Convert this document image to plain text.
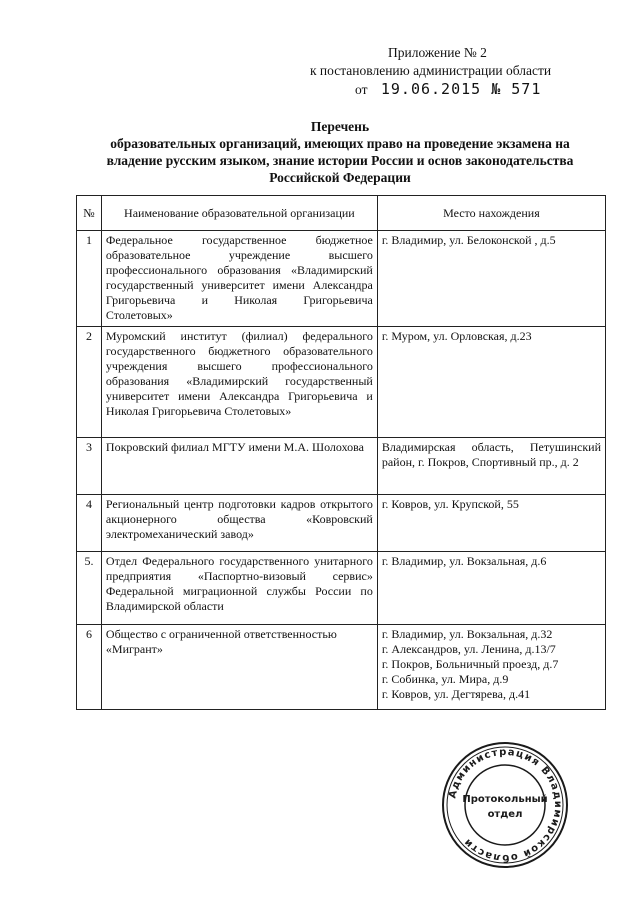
Приложение № 2
к постановлению администрации области
от 19.06.2015 № 571
Перечень
образовательных организаций, имеющих право на проведение экзамена на
владение русским языком, знание истории России и основ законодательства
Российской Федерации
№	Наименование образовательной организации	Место нахождения
1	Федеральное государственное бюджетное образовательное учреждение высшего профессионального образования «Владимирский государственный университет имени Александра Григорьевича и Николая Григорьевича Столетовых»	г. Владимир, ул. Белоконской , д.5

2	Муромский институт (филиал) федерального государственного бюджетного образовательного учреждения высшего профессионального образования «Владимирский государственный университет имени Александра Григорьевича и Николая Григорьевича Столетовых»	г. Муром, ул. Орловская, д.23

3	Покровский филиал МГТУ имени М.А. Шолохова	Владимирская область, Петушинский район, г. Покров, Спортивный пр., д. 2

4	Региональный центр подготовки кадров открытого акционерного общества «Ковровский электромеханический завод»	г. Ковров, ул. Крупской, 55

5.	Отдел Федерального государственного унитарного предприятия «Паспортно-визовый сервис» Федеральной миграционной службы России по Владимирской области	г. Владимир, ул. Вокзальная, д.6

6	Общество с ограниченной ответственностью «Мигрант»	г. Владимир, ул. Вокзальная, д.32
г. Александров, ул. Ленина, д.13/7
г. Покров, Больничный проезд, д.7
г. Собинка, ул. Мира, д.9
г. Ковров, ул. Дегтярева, д.41
Администрация Владимирской области
Протокольный
отдел
